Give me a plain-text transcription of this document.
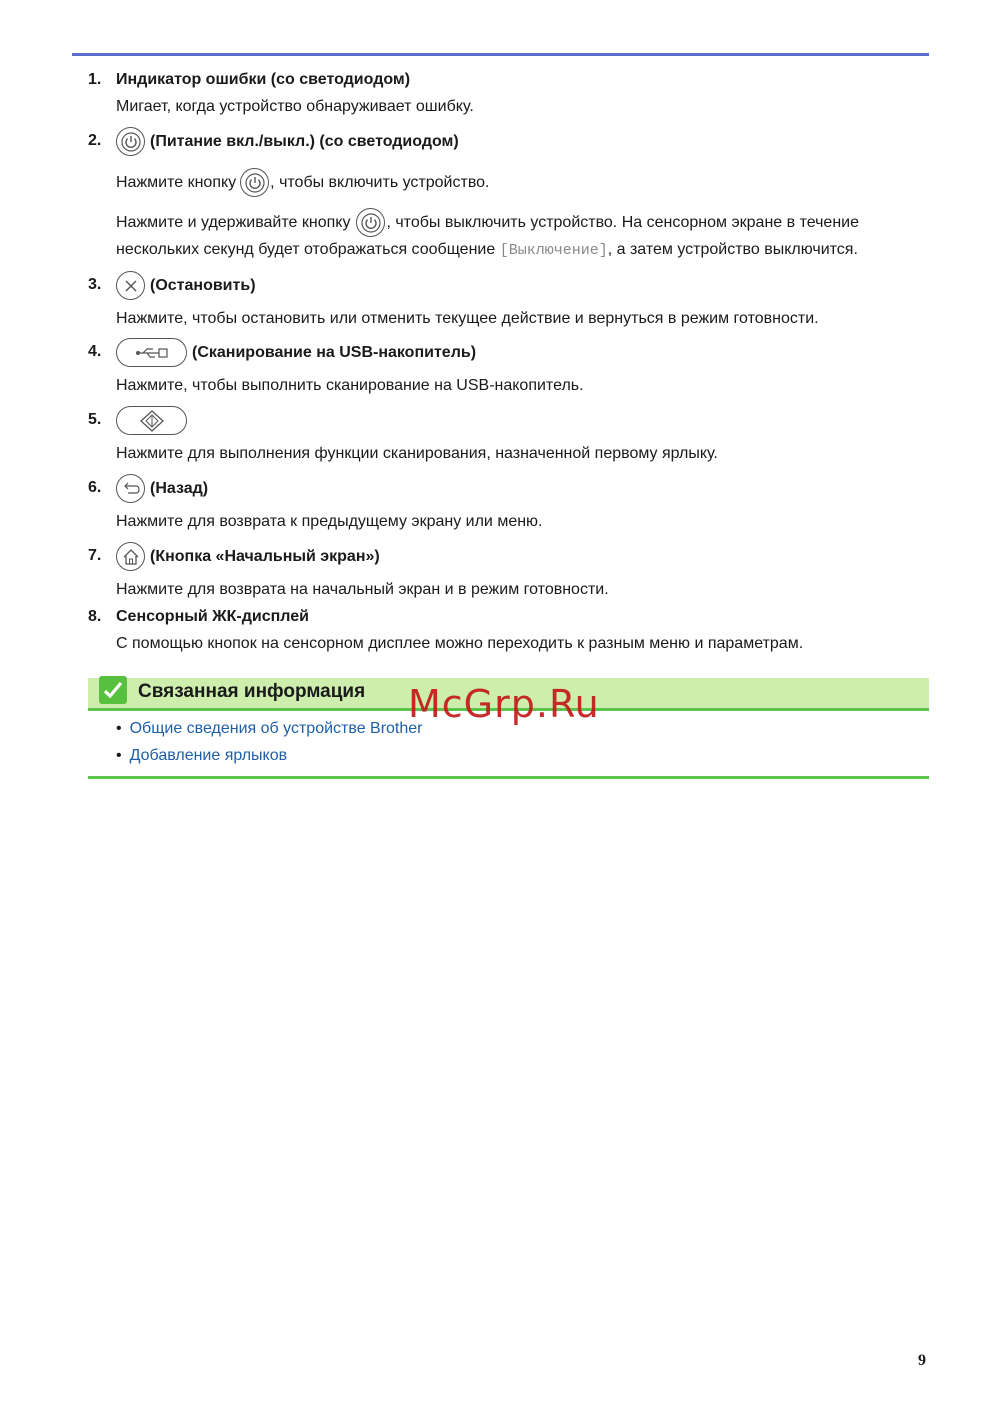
1. Индикатор ошибки (со светодиодом)
Мигает, когда устройство обнаруживает ошибку.
2.	(Питание вкл./выкл.) (со светодиодом)
Нажмите кнопку , чтобы включить устройство.
Нажмите и удерживайте кнопку , чтобы выключить устройство. На сенсорном экране в течение
нескольких секунд будет отображаться сообщение [Выключение], а затем устройство выключится.
3.	(Остановить)
Нажмите, чтобы остановить или отменить текущее действие и вернуться в режим готовности.
4.	(Сканирование на USB-накопитель)
Нажмите, чтобы выполнить сканирование на USB-накопитель.
5.
Нажмите для выполнения функции сканирования, назначенной первому ярлыку.
6.	(Назад)
Нажмите для возврата к предыдущему экрану или меню.
7.	(Кнопка «Начальный экран»)
Нажмите для возврата на начальный экран и в режим готовности.
8. Сенсорный ЖК-дисплей
С помощью кнопок на сенсорном дисплее можно переходить к разным меню и параметрам.
Связанная информация
• Общие сведения об устройстве Brother
• Добавление ярлыков
McGrp.Ru
9
